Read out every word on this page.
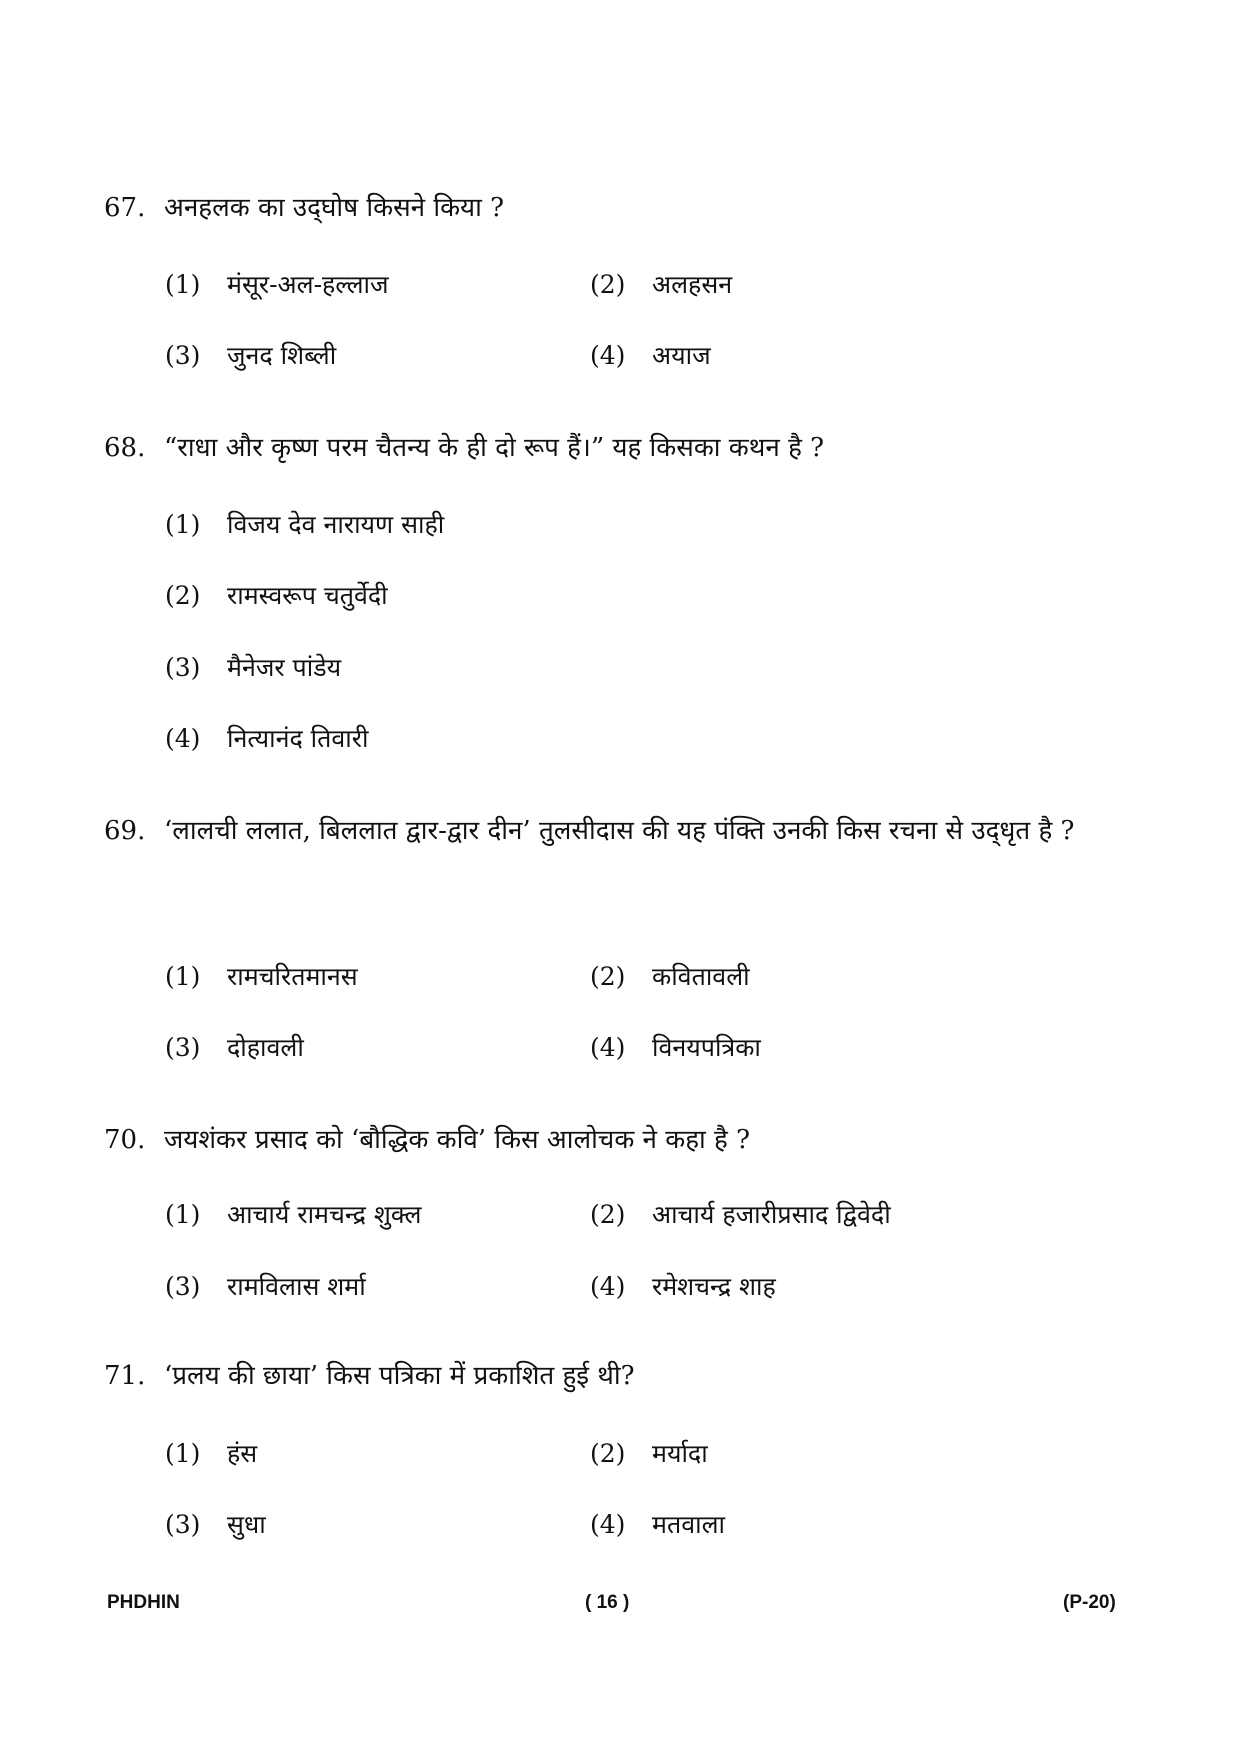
67. अनहलक का उद्‌घोष किसने किया ?
(1) मंसूर-अल-हल्लाज	(2) अलहसन
(3) जुनद शिब्ली	(4) अयाज
68. “राधा और कृष्ण परम चैतन्य के ही दो रूप हैं।” यह किसका कथन है ?
(1) विजय देव नारायण साही
(2) रामस्वरूप चतुर्वेदी
(3) मैनेजर पांडेय
(4) नित्यानंद तिवारी
69. ‘लालची ललात, बिललात द्वार-द्वार दीन’ तुलसीदास की यह पंक्ति उनकी किस रचना से उद्‌धृत है ?
(1) रामचरितमानस	(2) कवितावली
(3) दोहावली	(4) विनयपत्रिका
70. जयशंकर प्रसाद को ‘बौद्धिक कवि’ किस आलोचक ने कहा है ?
(1) आचार्य रामचन्द्र शुक्ल	(2) आचार्य हजारीप्रसाद द्विवेदी
(3) रामविलास शर्मा	(4) रमेशचन्द्र शाह
71. ‘प्रलय की छाया’ किस पत्रिका में प्रकाशित हुई थी?
(1) हंस	(2) मर्यादा
(3) सुधा	(4) मतवाला
PHDHIN	( 16 )	(P-20)
